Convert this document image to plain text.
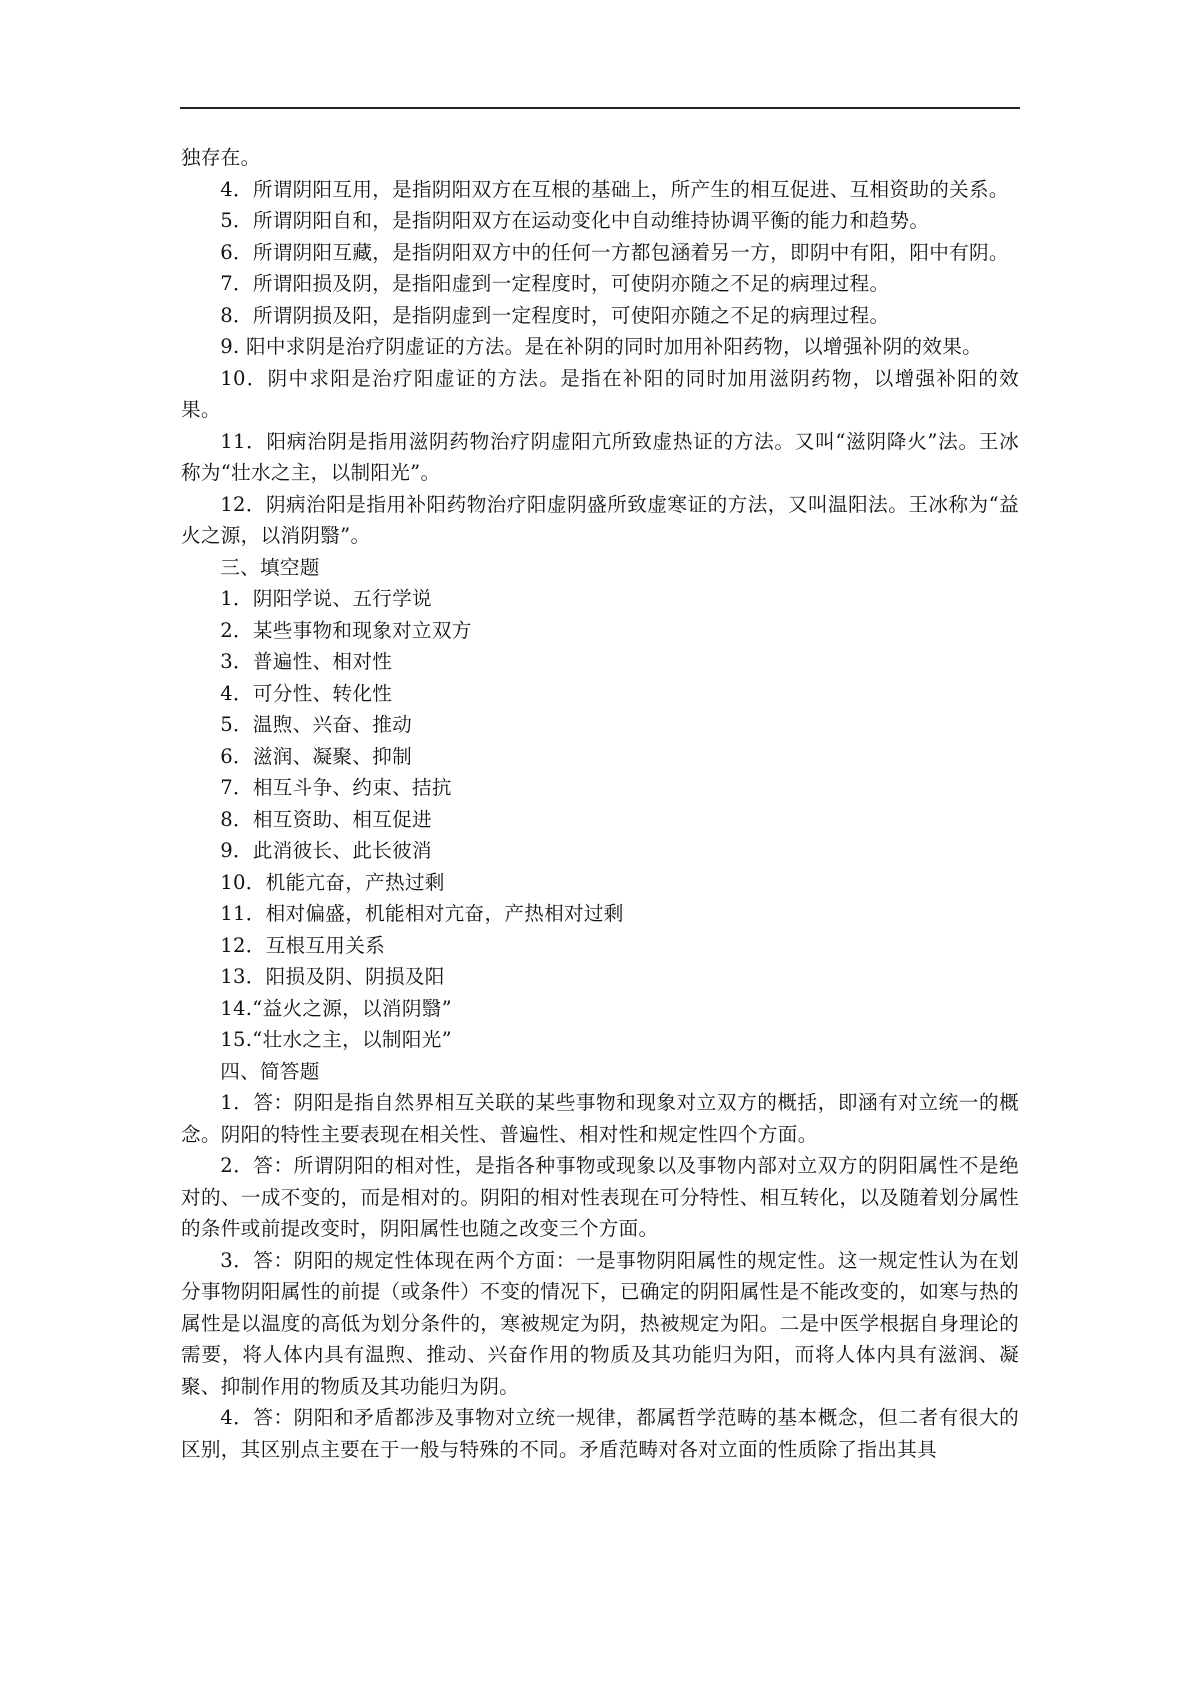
独存在。

4．所谓阴阳互用，是指阴阳双方在互根的基础上，所产生的相互促进、互相资助的关系。

5．所谓阴阳自和，是指阴阳双方在运动变化中自动维持协调平衡的能力和趋势。

6．所谓阴阳互藏，是指阴阳双方中的任何一方都包涵着另一方，即阴中有阳，阳中有阴。

7．所谓阳损及阴，是指阳虚到一定程度时，可使阴亦随之不足的病理过程。

8．所谓阴损及阳，是指阴虚到一定程度时，可使阳亦随之不足的病理过程。

9. 阳中求阴是治疗阴虚证的方法。是在补阴的同时加用补阳药物，以增强补阴的效果。

10．阴中求阳是治疗阳虚证的方法。是指在补阳的同时加用滋阴药物，以增强补阳的效果。

11．阳病治阴是指用滋阴药物治疗阴虚阳亢所致虚热证的方法。又叫“滋阴降火”法。王冰称为“壮水之主，以制阳光”。

12．阴病治阳是指用补阳药物治疗阳虚阴盛所致虚寒证的方法，又叫温阳法。王冰称为“益火之源，以消阴翳”。

三、填空题

1．阴阳学说、五行学说

2．某些事物和现象对立双方

3．普遍性、相对性

4．可分性、转化性

5．温煦、兴奋、推动

6．滋润、凝聚、抑制

7．相互斗争、约束、拮抗

8．相互资助、相互促进

9．此消彼长、此长彼消

10．机能亢奋，产热过剩

11．相对偏盛，机能相对亢奋，产热相对过剩

12．互根互用关系

13．阳损及阴、阴损及阳

14.“益火之源，以消阴翳”

15.“壮水之主，以制阳光”

四、简答题

1．答：阴阳是指自然界相互关联的某些事物和现象对立双方的概括，即涵有对立统一的概念。阴阳的特性主要表现在相关性、普遍性、相对性和规定性四个方面。

2．答：所谓阴阳的相对性，是指各种事物或现象以及事物内部对立双方的阴阳属性不是绝对的、一成不变的，而是相对的。阴阳的相对性表现在可分特性、相互转化，以及随着划分属性的条件或前提改变时，阴阳属性也随之改变三个方面。

3．答：阴阳的规定性体现在两个方面：一是事物阴阳属性的规定性。这一规定性认为在划分事物阴阳属性的前提（或条件）不变的情况下，已确定的阴阳属性是不能改变的，如寒与热的属性是以温度的高低为划分条件的，寒被规定为阴，热被规定为阳。二是中医学根据自身理论的需要，将人体内具有温煦、推动、兴奋作用的物质及其功能归为阳，而将人体内具有滋润、凝聚、抑制作用的物质及其功能归为阴。

4．答：阴阳和矛盾都涉及事物对立统一规律，都属哲学范畴的基本概念，但二者有很大的区别，其区别点主要在于一般与特殊的不同。矛盾范畴对各对立面的性质除了指出其具
